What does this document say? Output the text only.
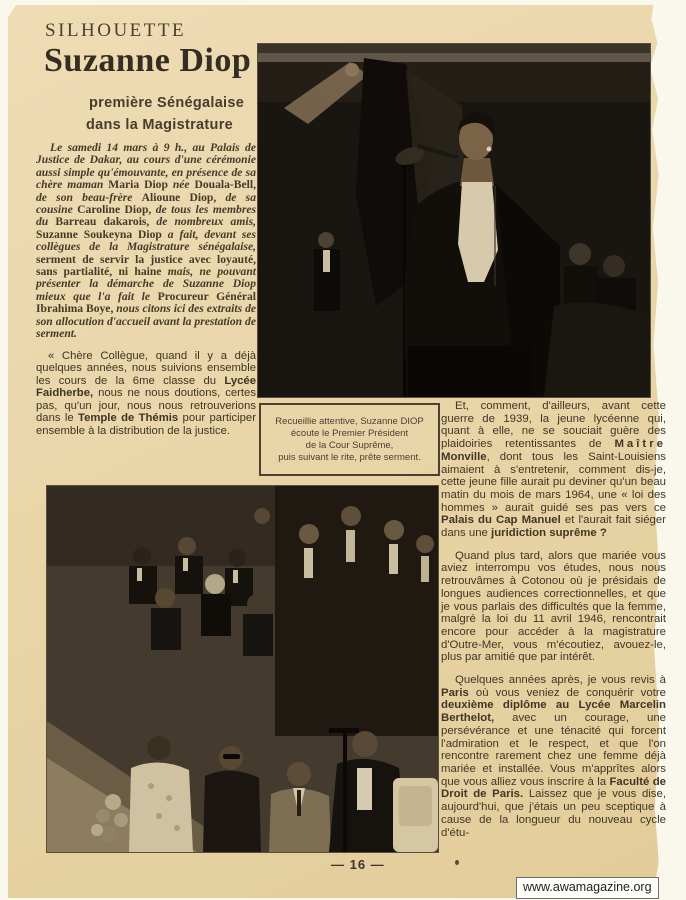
SILHOUETTE
Suzanne Diop
première Sénégalaise
dans la Magistrature

Le samedi 14 mars à 9 h., au Palais de Justice de Dakar, au cours d'une cérémonie aussi simple qu'émouvante, en présence de sa chère maman Maria Diop née Douala-Bell, de son beau-frère Alioune Diop, de sa cousine Caroline Diop, de tous les membres du Barreau dakarois, de nombreux amis, Suzanne Soukeyna Diop a fait, devant ses collègues de la Magistrature sénégalaise, serment de servir la justice avec loyauté, sans partialité, ni haine mais, ne pouvant présenter la démarche de Suzanne Diop mieux que l'a fait le Procureur Général Ibrahima Boye, nous citons ici des extraits de son allocution d'accueil avant la prestation de serment.

« Chère Collègue, quand il y a déjà quelques années, nous suivions ensemble les cours de la 6me classe du Lycée Faidherbe, nous ne nous doutions, certes pas, qu'un jour, nous nous retrouverions dans le Temple de Thémis pour participer ensemble à la distribution de la justice.

Recueillie attentive, Suzanne DIOP
écoute le Premier Président
de la Cour Suprême,
puis suivant le rite, prête serment.

Et, comment, d'ailleurs, avant cette guerre de 1939, la jeune lycéenne qui, quant à elle, ne se souciait guère des plaidoiries retentissantes de Maître Monville, dont tous les Saint-Louisiens aimaient à s'entretenir, comment dis-je, cette jeune fille aurait pu deviner qu'un beau matin du mois de mars 1964, une « loi des hommes » aurait guidé ses pas vers ce Palais du Cap Manuel et l'aurait fait siéger dans une juridiction suprême ?

Quand plus tard, alors que mariée vous aviez interrompu vos études, nous nous retrouvâmes à Cotonou où je présidais de longues audiences correctionnelles, et que je vous parlais des difficultés que la femme, malgré la loi du 11 avril 1946, rencontrait encore pour accéder à la magistrature d'Outre-Mer, vous m'écoutiez, avouez-le, plus par amitié que par intérêt.

Quelques années après, je vous revis à Paris où vous veniez de conquérir votre deuxième diplôme au Lycée Marcelin Berthelot, avec un courage, une persévérance et une ténacité qui forcent l'admiration et le respect, et que l'on rencontre rarement chez une femme déjà mariée et installée. Vous m'apprîtes alors que vous alliez vous inscrire à la Faculté de Droit de Paris. Laissez que je vous dise, aujourd'hui, que j'étais un peu sceptique à cause de la longueur du nouveau cycle d'étu-

— 16 —
www.awamagazine.org
